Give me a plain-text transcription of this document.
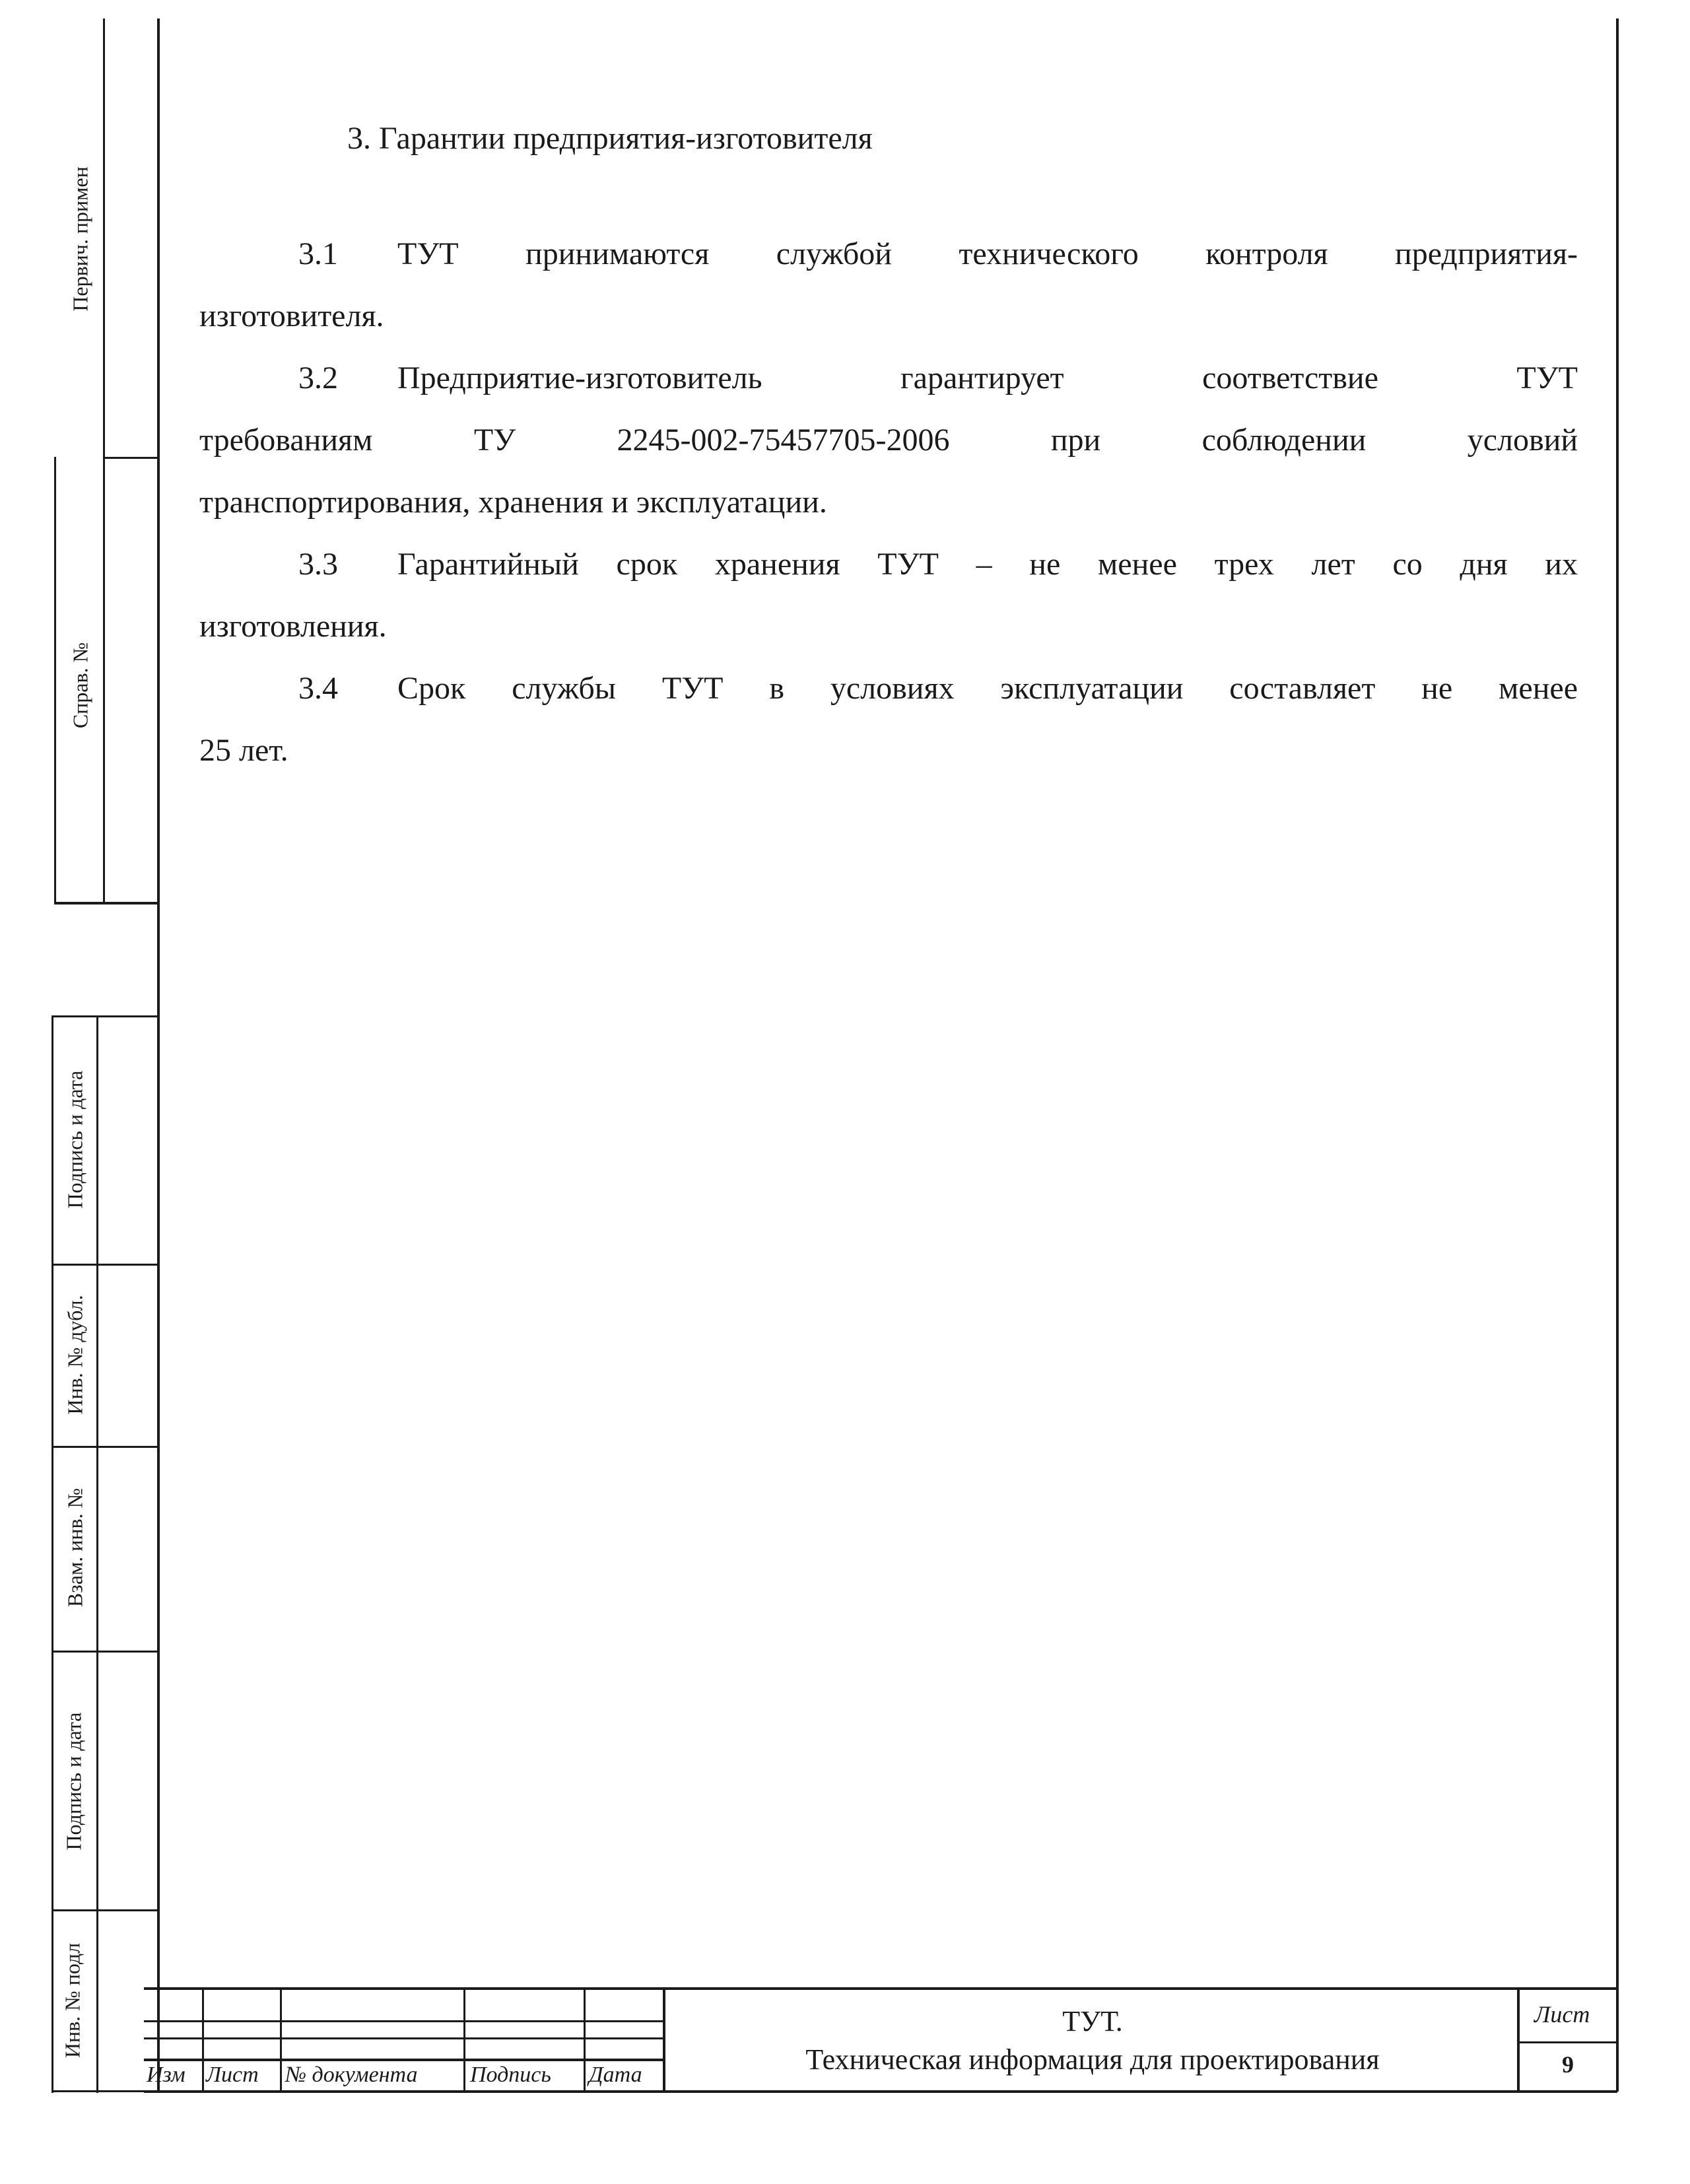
Первич. примен
Справ. №
Подпись и дата
Инв. № дубл.
Взам. инв. №
Подпись и дата
Инв. № подл
3. Гарантии предприятия-изготовителя
3.1	ТУТ принимаются службой технического контроля предприятия-
изготовителя.
3.2	Предприятие-изготовитель гарантирует соответствие ТУТ
требованиям ТУ 2245-002-75457705-2006 при соблюдении условий
транспортирования, хранения и эксплуатации.
3.3	Гарантийный срок хранения ТУТ – не менее трех лет со дня их
изготовления.
3.4	Срок службы ТУТ в условиях эксплуатации составляет не менее
25 лет.
Изм Лист № документа Подпись Дата
ТУТ.
Техническая информация для проектирования
Лист
9
